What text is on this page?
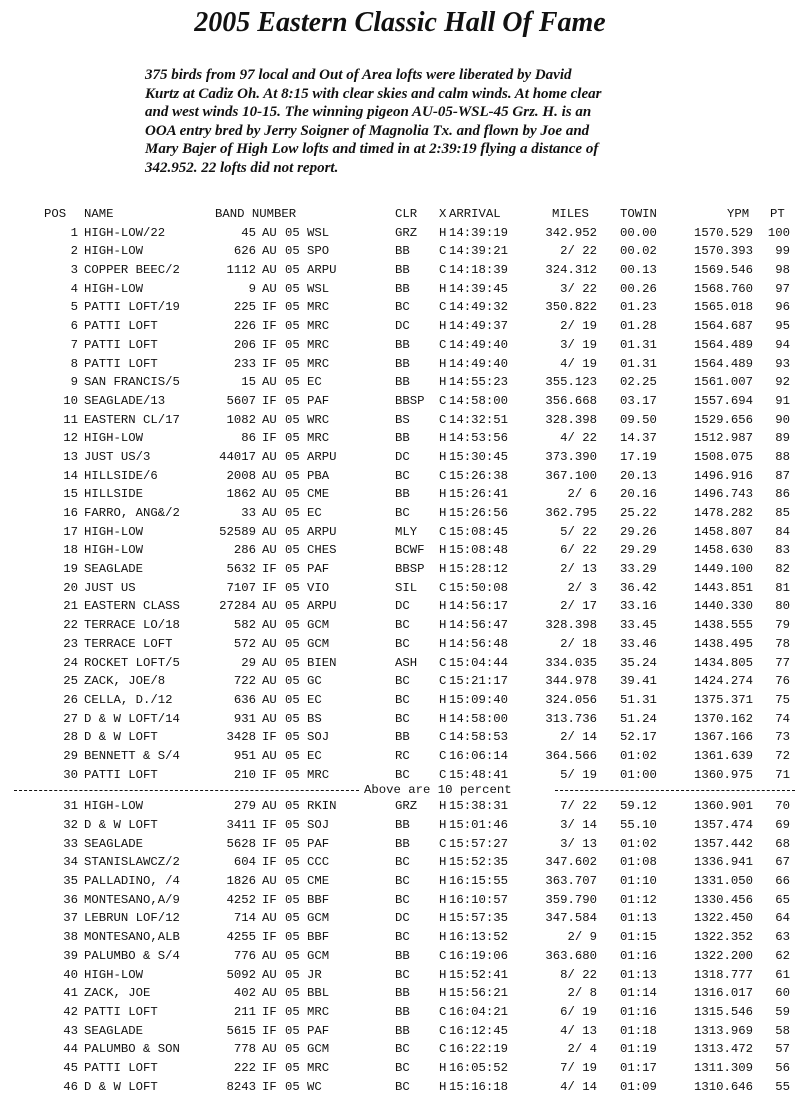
2005 Eastern Classic Hall Of Fame
375 birds from 97 local and Out of Area lofts were liberated by David
Kurtz at Cadiz Oh. At 8:15 with clear skies and calm winds. At home clear
and west winds 10-15. The winning pigeon AU-05-WSL-45 Grz. H. is an
OOA entry bred by Jerry Soigner of Magnolia Tx. and flown by Joe and
Mary Bajer of High Low lofts and timed in at 2:39:19 flying a distance of
342.952. 22 lofts did not report.
POS NAME	BAND NUMBER	CLR X ARRIVAL	MILES	TOWIN	YPM PT
1 HIGH-LOW/22	45 AU 05 WSL	GRZ H 14:39:19	342.952 00.00	1570.529	100
2 HIGH-LOW	626 AU 05 SPO	BB C 14:39:21	2/ 22 00.02	1570.393	99
3 COPPER BEEC/2	1112 AU 05 ARPU	BB C 14:18:39	324.312 00.13	1569.546	98
4 HIGH-LOW	9 AU 05 WSL	BB H 14:39:45	3/ 22 00.26	1568.760	97
5 PATTI LOFT/19	225 IF 05 MRC	BC C 14:49:32	350.822 01.23	1565.018	96
6 PATTI LOFT	226 IF 05 MRC	DC H 14:49:37	2/ 19 01.28	1564.687	95
7 PATTI LOFT	206 IF 05 MRC	BB C 14:49:40	3/ 19 01.31	1564.489	94
8 PATTI LOFT	233 IF 05 MRC	BB H 14:49:40	4/ 19 01.31	1564.489	93
9 SAN FRANCIS/5	15 AU 05 EC	BB H 14:55:23	355.123 02.25	1561.007	92
10 SEAGLADE/13	5607 IF 05 PAF	BBSP C 14:58:00	356.668 03.17	1557.694	91
11 EASTERN CL/17	1082 AU 05 WRC	BS C 14:32:51	328.398 09.50	1529.656	90
12 HIGH-LOW	86 IF 05 MRC	BB H 14:53:56	4/ 22 14.37	1512.987	89
13 JUST US/3	44017 AU 05 ARPU	DC H 15:30:45	373.390 17.19	1508.075	88
14 HILLSIDE/6	2008 AU 05 PBA	BC C 15:26:38	367.100 20.13	1496.916	87
15 HILLSIDE	1862 AU 05 CME	BB H 15:26:41	2/ 6 20.16	1496.743	86
16 FARRO, ANG&/2	33 AU 05 EC	BC H 15:26:56	362.795 25.22	1478.282	85
17 HIGH-LOW	52589 AU 05 ARPU	MLY C 15:08:45	5/ 22 29.26	1458.807	84
18 HIGH-LOW	286 AU 05 CHES	BCWF H 15:08:48	6/ 22 29.29	1458.630	83
19 SEAGLADE	5632 IF 05 PAF	BBSP H 15:28:12	2/ 13 33.29	1449.100	82
20 JUST US	7107 IF 05 VIO	SIL C 15:50:08	2/ 3 36.42	1443.851	81
21 EASTERN CLASS	27284 AU 05 ARPU	DC H 14:56:17	2/ 17 33.16	1440.330	80
22 TERRACE LO/18	582 AU 05 GCM	BC H 14:56:47	328.398 33.45	1438.555	79
23 TERRACE LOFT	572 AU 05 GCM	BC H 14:56:48	2/ 18 33.46	1438.495	78
24 ROCKET LOFT/5	29 AU 05 BIEN	ASH C 15:04:44	334.035 35.24	1434.805	77
25 ZACK, JOE/8	722 AU 05 GC	BC C 15:21:17	344.978 39.41	1424.274	76
26 CELLA, D./12	636 AU 05 EC	BC H 15:09:40	324.056 51.31	1375.371	75
27 D & W LOFT/14	931 AU 05 BS	BC H 14:58:00	313.736 51.24	1370.162	74
28 D & W LOFT	3428 IF 05 SOJ	BB C 14:58:53	2/ 14 52.17	1367.166	73
29 BENNETT & S/4	951 AU 05 EC	RC C 16:06:14	364.566 01:02	1361.639	72
30 PATTI LOFT	210 IF 05 MRC	BC C 15:48:41	5/ 19 01:00	1360.975	71
Above are 10 percent
31 HIGH-LOW	279 AU 05 RKIN	GRZ H 15:38:31	7/ 22 59.12	1360.901	70
32 D & W LOFT	3411 IF 05 SOJ	BB H 15:01:46	3/ 14 55.10	1357.474	69
33 SEAGLADE	5628 IF 05 PAF	BB C 15:57:27	3/ 13 01:02	1357.442	68
34 STANISLAWCZ/2	604 IF 05 CCC	BC H 15:52:35	347.602 01:08	1336.941	67
35 PALLADINO, /4	1826 AU 05 CME	BC H 16:15:55	363.707 01:10	1331.050	66
36 MONTESANO,A/9	4252 IF 05 BBF	BC H 16:10:57	359.790 01:12	1330.456	65
37 LEBRUN LOF/12	714 AU 05 GCM	DC H 15:57:35	347.584 01:13	1322.450	64
38 MONTESANO,ALB	4255 IF 05 BBF	BC H 16:13:52	2/ 9 01:15	1322.352	63
39 PALUMBO & S/4	776 AU 05 GCM	BB C 16:19:06	363.680 01:16	1322.200	62
40 HIGH-LOW	5092 AU 05 JR	BC H 15:52:41	8/ 22 01:13	1318.777	61
41 ZACK, JOE	402 AU 05 BBL	BB H 15:56:21	2/ 8 01:14	1316.017	60
42 PATTI LOFT	211 IF 05 MRC	BB C 16:04:21	6/ 19 01:16	1315.546	59
43 SEAGLADE	5615 IF 05 PAF	BB C 16:12:45	4/ 13 01:18	1313.969	58
44 PALUMBO & SON	778 AU 05 GCM	BC C 16:22:19	2/ 4 01:19	1313.472	57
45 PATTI LOFT	222 IF 05 MRC	BC H 16:05:52	7/ 19 01:17	1311.309	56
46 D & W LOFT	8243 IF 05 WC	BC H 15:16:18	4/ 14 01:09	1310.646	55
